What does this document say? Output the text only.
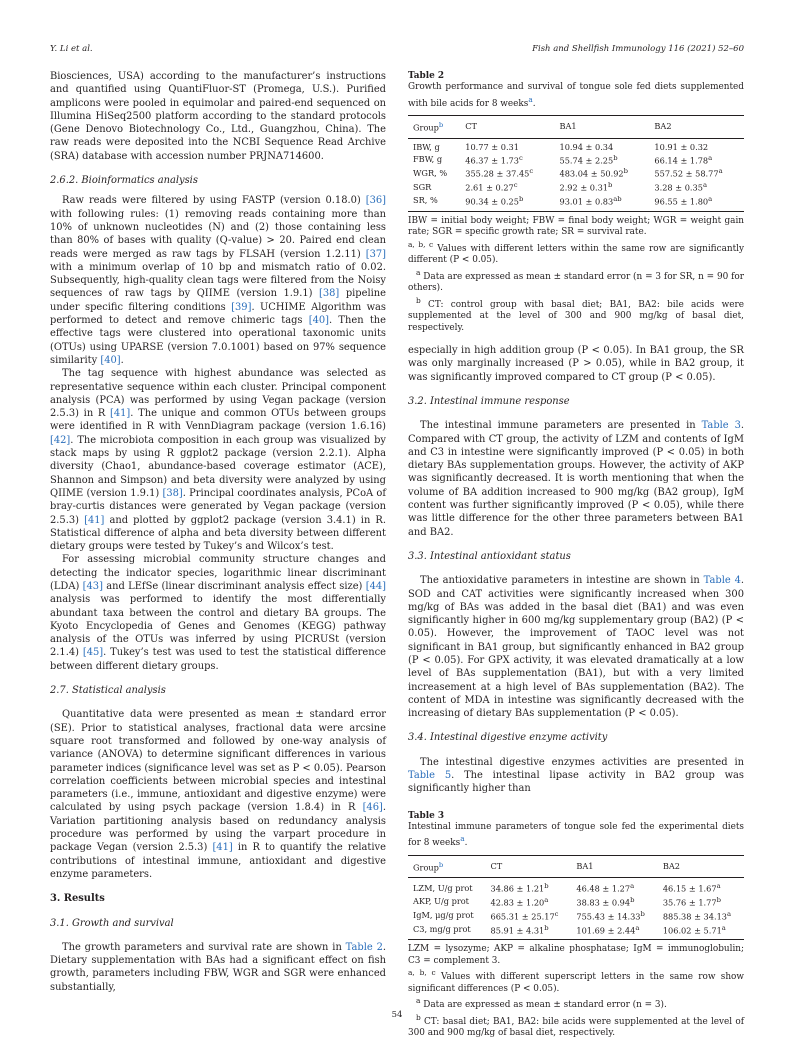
Y. Li et al.	Fish and Shellfish Immunology 116 (2021) 52–60

Biosciences, USA) according to the manufacturer’s instructions and quantified using QuantiFluor-ST (Promega, U.S.). Purified amplicons were pooled in equimolar and paired-end sequenced on Illumina HiSeq2500 platform according to the standard protocols (Gene Denovo Biotechnology Co., Ltd., Guangzhou, China). The raw reads were deposited into the NCBI Sequence Read Archive (SRA) database with accession number PRJNA714600.

2.6.2. Bioinformatics analysis

Raw reads were filtered by using FASTP (version 0.18.0) [36] with following rules: (1) removing reads containing more than 10% of unknown nucleotides (N) and (2) those containing less than 80% of bases with quality (Q-value) > 20. Paired end clean reads were merged as raw tags by FLSAH (version 1.2.11) [37] with a minimum overlap of 10 bp and mismatch ratio of 0.02. Subsequently, high-quality clean tags were filtered from the Noisy sequences of raw tags by QIIME (version 1.9.1) [38] pipeline under specific filtering conditions [39]. UCHIME Algorithm was performed to detect and remove chimeric tags [40]. Then the effective tags were clustered into operational taxonomic units (OTUs) using UPARSE (version 7.0.1001) based on 97% sequence similarity [40].

The tag sequence with highest abundance was selected as representative sequence within each cluster. Principal component analysis (PCA) was performed by using Vegan package (version 2.5.3) in R [41]. The unique and common OTUs between groups were identified in R with VennDiagram package (version 1.6.16) [42]. The microbiota composition in each group was visualized by stack maps by using R ggplot2 package (version 2.2.1). Alpha diversity (Chao1, abundance-based coverage estimator (ACE), Shannon and Simpson) and beta diversity were analyzed by using QIIME (version 1.9.1) [38]. Principal coordinates analysis, PCoA of bray-curtis distances were generated by Vegan package (version 2.5.3) [41] and plotted by ggplot2 package (version 3.4.1) in R. Statistical difference of alpha and beta diversity between different dietary groups were tested by Tukey’s and Wilcox’s test.

For assessing microbial community structure changes and detecting the indicator species, logarithmic linear discriminant (LDA) [43] and LEfSe (linear discriminant analysis effect size) [44] analysis was performed to identify the most differentially abundant taxa between the control and dietary BA groups. The Kyoto Encyclopedia of Genes and Genomes (KEGG) pathway analysis of the OTUs was inferred by using PICRUSt (version 2.1.4) [45]. Tukey’s test was used to test the statistical difference between different dietary groups.

2.7. Statistical analysis

Quantitative data were presented as mean ± standard error (SE). Prior to statistical analyses, fractional data were arcsine square root transformed and followed by one-way analysis of variance (ANOVA) to determine significant differences in various parameter indices (significance level was set as P < 0.05). Pearson correlation coefficients between microbial species and intestinal parameters (i.e., immune, antioxidant and digestive enzyme) were calculated by using psych package (version 1.8.4) in R [46]. Variation partitioning analysis based on redundancy analysis procedure was performed by using the varpart procedure in package Vegan (version 2.5.3) [41] in R to quantify the relative contributions of intestinal immune, antioxidant and digestive enzyme parameters.

3. Results

3.1. Growth and survival

The growth parameters and survival rate are shown in Table 2. Dietary supplementation with BAs had a significant effect on fish growth, parameters including FBW, WGR and SGR were enhanced substantially,

Table 2
Growth performance and survival of tongue sole fed diets supplemented with bile acids for 8 weeks$^a$.
Group$^b$	CT	BA1	BA2
IBW, g	10.77 ± 0.31	10.94 ± 0.34	10.91 ± 0.32
FBW, g	46.37 ± 1.73$^c$	55.74 ± 2.25$^b$	66.14 ± 1.78$^a$
WGR, %	355.28 ± 37.45$^c$	483.04 ± 50.92$^b$	557.52 ± 58.77$^a$
SGR	2.61 ± 0.27$^c$	2.92 ± 0.31$^b$	3.28 ± 0.35$^a$
SR, %	90.34 ± 0.25$^b$	93.01 ± 0.83$^{ab}$	96.55 ± 1.80$^a$
IBW = initial body weight; FBW = final body weight; WGR = weight gain rate; SGR = specific growth rate; SR = survival rate.
$^{a, b, c}$ Values with different letters within the same row are significantly different (P < 0.05).
$^a$ Data are expressed as mean ± standard error (n = 3 for SR, n = 90 for others).
$^b$ CT: control group with basal diet; BA1, BA2: bile acids were supplemented at the level of 300 and 900 mg/kg of basal diet, respectively.

especially in high addition group (P < 0.05). In BA1 group, the SR was only marginally increased (P > 0.05), while in BA2 group, it was significantly improved compared to CT group (P < 0.05).

3.2. Intestinal immune response

The intestinal immune parameters are presented in Table 3. Compared with CT group, the activity of LZM and contents of IgM and C3 in intestine were significantly improved (P < 0.05) in both dietary BAs supplementation groups. However, the activity of AKP was significantly decreased. It is worth mentioning that when the volume of BA addition increased to 900 mg/kg (BA2 group), IgM content was further significantly improved (P < 0.05), while there was little difference for the other three parameters between BA1 and BA2.

3.3. Intestinal antioxidant status

The antioxidative parameters in intestine are shown in Table 4. SOD and CAT activities were significantly increased when 300 mg/kg of BAs was added in the basal diet (BA1) and was even significantly higher in 600 mg/kg supplementary group (BA2) (P < 0.05). However, the improvement of TAOC level was not significant in BA1 group, but significantly enhanced in BA2 group (P < 0.05). For GPX activity, it was elevated dramatically at a low level of BAs supplementation (BA1), but with a very limited increasement at a high level of BAs supplementation (BA2). The content of MDA in intestine was significantly decreased with the increasing of dietary BAs supplementation (P < 0.05).

3.4. Intestinal digestive enzyme activity

The intestinal digestive enzymes activities are presented in Table 5. The intestinal lipase activity in BA2 group was significantly higher than

Table 3
Intestinal immune parameters of tongue sole fed the experimental diets for 8 weeks$^a$.
Group$^b$	CT	BA1	BA2
LZM, U/g prot	34.86 ± 1.21$^b$	46.48 ± 1.27$^a$	46.15 ± 1.67$^a$
AKP, U/g prot	42.83 ± 1.20$^a$	38.83 ± 0.94$^b$	35.76 ± 1.77$^b$
IgM, μg/g prot	665.31 ± 25.17$^c$	755.43 ± 14.33$^b$	885.38 ± 34.13$^a$
C3, mg/g prot	85.91 ± 4.31$^b$	101.69 ± 2.44$^a$	106.02 ± 5.71$^a$
LZM = lysozyme; AKP = alkaline phosphatase; IgM = immunoglobulin; C3 = complement 3.
$^{a, b, c}$ Values with different superscript letters in the same row show significant differences (P < 0.05).
$^a$ Data are expressed as mean ± standard error (n = 3).
$^b$ CT: basal diet; BA1, BA2: bile acids were supplemented at the level of 300 and 900 mg/kg of basal diet, respectively.
54
